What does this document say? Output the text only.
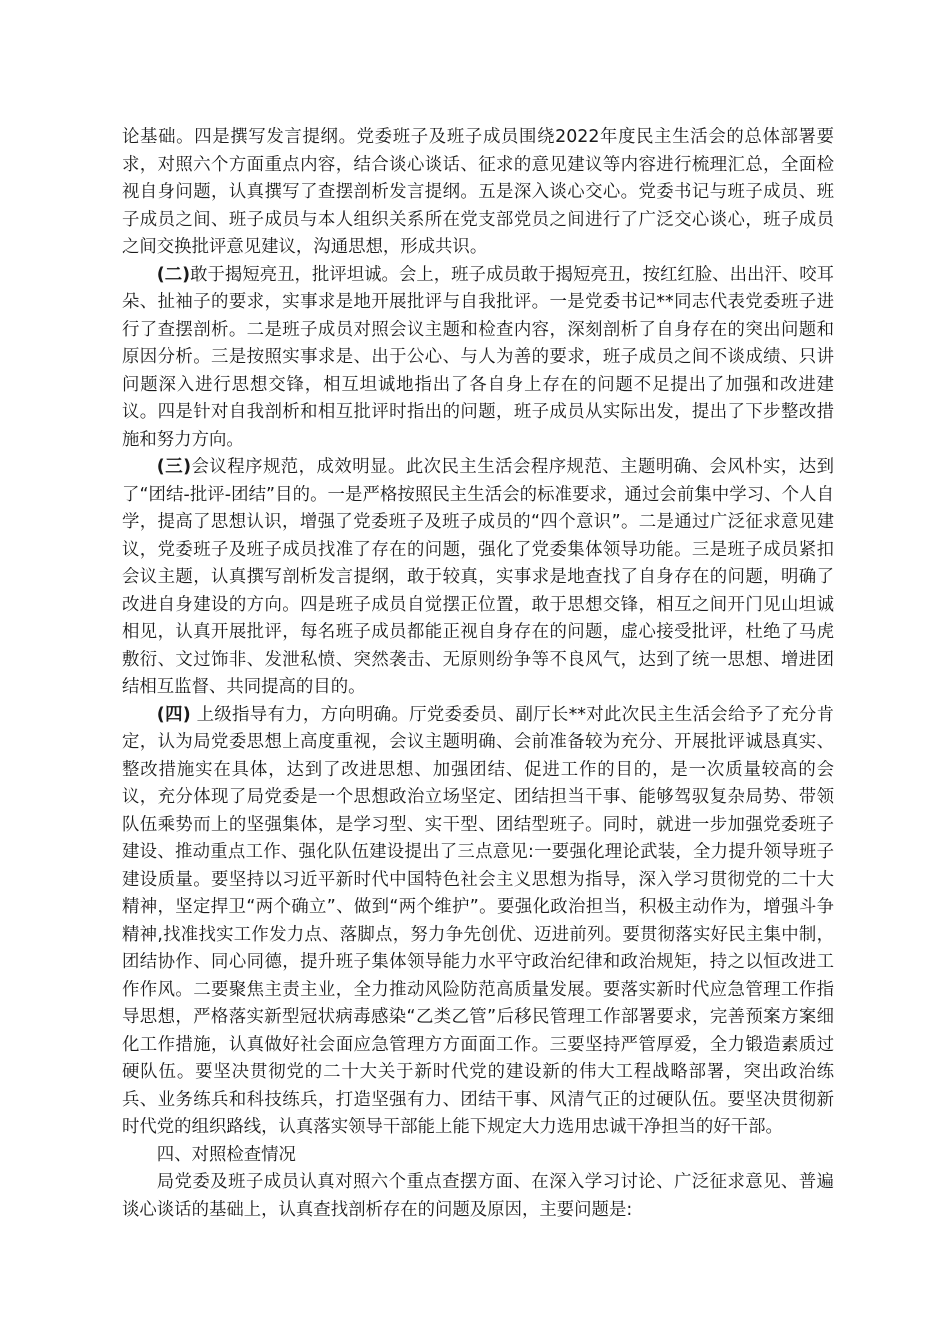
论基础。四是撰写发言提纲。党委班子及班子成员围绕2022年度民主生活会的总体部署要求，对照六个方面重点内容，结合谈心谈话、征求的意见建议等内容进行梳理汇总，全面检视自身问题，认真撰写了查摆剖析发言提纲。五是深入谈心交心。党委书记与班子成员、班子成员之间、班子成员与本人组织关系所在党支部党员之间进行了广泛交心谈心，班子成员之间交换批评意见建议，沟通思想，形成共识。

(二)敢于揭短亮丑，批评坦诚。会上，班子成员敢于揭短亮丑，按红红脸、出出汗、咬耳朵、扯袖子的要求，实事求是地开展批评与自我批评。一是党委书记**同志代表党委班子进行了查摆剖析。二是班子成员对照会议主题和检查内容，深刻剖析了自身存在的突出问题和原因分析。三是按照实事求是、出于公心、与人为善的要求，班子成员之间不谈成绩、只讲问题深入进行思想交锋，相互坦诚地指出了各自身上存在的问题不足提出了加强和改进建议。四是针对自我剖析和相互批评时指出的问题，班子成员从实际出发，提出了下步整改措施和努力方向。

(三)会议程序规范，成效明显。此次民主生活会程序规范、主题明确、会风朴实，达到了“团结-批评-团结”目的。一是严格按照民主生活会的标准要求，通过会前集中学习、个人自学，提高了思想认识，增强了党委班子及班子成员的“四个意识”。二是通过广泛征求意见建议，党委班子及班子成员找准了存在的问题，强化了党委集体领导功能。三是班子成员紧扣会议主题，认真撰写剖析发言提纲，敢于较真，实事求是地查找了自身存在的问题，明确了改进自身建设的方向。四是班子成员自觉摆正位置，敢于思想交锋，相互之间开门见山坦诚相见，认真开展批评，每名班子成员都能正视自身存在的问题，虚心接受批评，杜绝了马虎敷衍、文过饰非、发泄私愤、突然袭击、无原则纷争等不良风气，达到了统一思想、增进团结相互监督、共同提高的目的。

(四) 上级指导有力，方向明确。厅党委委员、副厅长**对此次民主生活会给予了充分肯定，认为局党委思想上高度重视，会议主题明确、会前准备较为充分、开展批评诚恳真实、整改措施实在具体，达到了改进思想、加强团结、促进工作的目的，是一次质量较高的会议，充分体现了局党委是一个思想政治立场坚定、团结担当干事、能够驾驭复杂局势、带领队伍乘势而上的坚强集体，是学习型、实干型、团结型班子。同时，就进一步加强党委班子建设、推动重点工作、强化队伍建设提出了三点意见:一要强化理论武装，全力提升领导班子建设质量。要坚持以习近平新时代中国特色社会主义思想为指导，深入学习贯彻党的二十大精神，坚定捍卫“两个确立”、做到“两个维护”。要强化政治担当，积极主动作为，增强斗争精神,找准找实工作发力点、落脚点，努力争先创优、迈进前列。要贯彻落实好民主集中制，团结协作、同心同德，提升班子集体领导能力水平守政治纪律和政治规矩，持之以恒改进工作作风。二要聚焦主责主业，全力推动风险防范高质量发展。要落实新时代应急管理工作指导思想，严格落实新型冠状病毒感染“乙类乙管”后移民管理工作部署要求，完善预案方案细化工作措施，认真做好社会面应急管理方方面面工作。三要坚持严管厚爱，全力锻造素质过硬队伍。要坚决贯彻党的二十大关于新时代党的建设新的伟大工程战略部署，突出政治练兵、业务练兵和科技练兵，打造坚强有力、团结干事、风清气正的过硬队伍。要坚决贯彻新时代党的组织路线，认真落实领导干部能上能下规定大力选用忠诚干净担当的好干部。

四、对照检查情况

局党委及班子成员认真对照六个重点查摆方面、在深入学习讨论、广泛征求意见、普遍谈心谈话的基础上，认真查找剖析存在的问题及原因，主要问题是:
